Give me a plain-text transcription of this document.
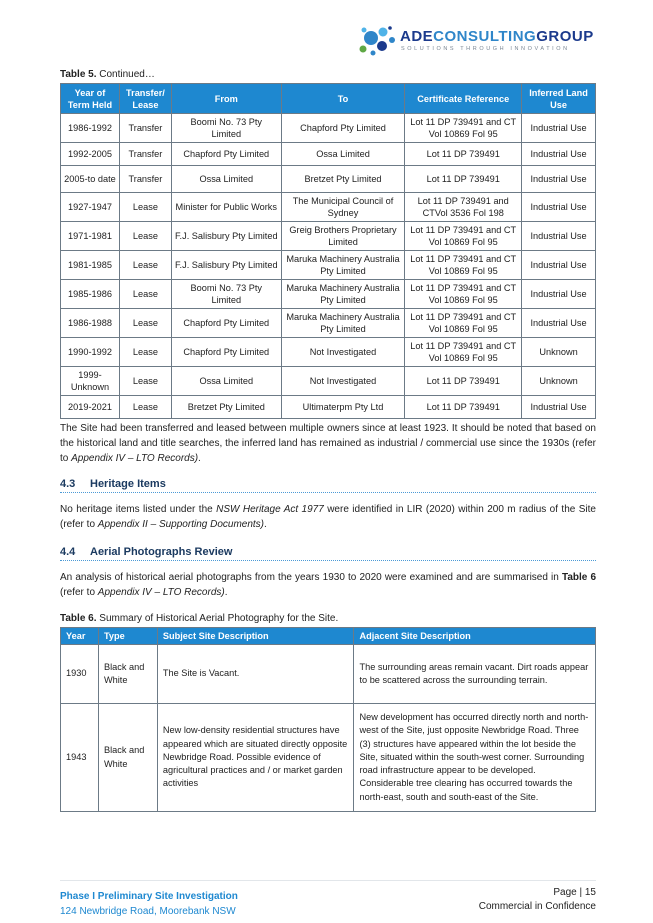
ADECONSULTINGGROUP
SOLUTIONS THROUGH INNOVATION
Table 5. Continued…
Year of Term Held	Transfer/ Lease	From	To	Certificate Reference	Inferred Land Use
1986-1992	Transfer	Boomi No. 73 Pty Limited	Chapford Pty Limited	Lot 11 DP 739491 and CT Vol 10869 Fol 95	Industrial Use
1992-2005	Transfer	Chapford Pty Limited	Ossa Limited	Lot 11 DP 739491	Industrial Use
2005-to date	Transfer	Ossa Limited	Bretzet Pty Limited	Lot 11 DP 739491	Industrial Use
1927-1947	Lease	Minister for Public Works	The Municipal Council of Sydney	Lot 11 DP 739491 and CTVol 3536 Fol 198	Industrial Use
1971-1981	Lease	F.J. Salisbury Pty Limited	Greig Brothers Proprietary Limited	Lot 11 DP 739491 and CT Vol 10869 Fol 95	Industrial Use
1981-1985	Lease	F.J. Salisbury Pty Limited	Maruka Machinery Australia Pty Limited	Lot 11 DP 739491 and CT Vol 10869 Fol 95	Industrial Use
1985-1986	Lease	Boomi No. 73 Pty Limited	Maruka Machinery Australia Pty Limited	Lot 11 DP 739491 and CT Vol 10869 Fol 95	Industrial Use
1986-1988	Lease	Chapford Pty Limited	Maruka Machinery Australia Pty Limited	Lot 11 DP 739491 and CT Vol 10869 Fol 95	Industrial Use
1990-1992	Lease	Chapford Pty Limited	Not Investigated	Lot 11 DP 739491 and CT Vol 10869 Fol 95	Unknown
1999-Unknown	Lease	Ossa Limited	Not Investigated	Lot 11 DP 739491	Unknown
2019-2021	Lease	Bretzet Pty Limited	Ultimaterpm Pty Ltd	Lot 11 DP 739491	Industrial Use
The Site had been transferred and leased between multiple owners since at least 1923. It should be noted that based on the historical land and title searches, the inferred land has remained as industrial / commercial use since the 1930s (refer to Appendix IV – LTO Records).
4.3 Heritage Items
No heritage items listed under the NSW Heritage Act 1977 were identified in LIR (2020) within 200 m radius of the Site (refer to Appendix II – Supporting Documents).
4.4 Aerial Photographs Review
An analysis of historical aerial photographs from the years 1930 to 2020 were examined and are summarised in Table 6 (refer to Appendix IV – LTO Records).
Table 6. Summary of Historical Aerial Photography for the Site.
Year	Type	Subject Site Description	Adjacent Site Description
1930	Black and White	The Site is Vacant.	The surrounding areas remain vacant. Dirt roads appear to be scattered across the surrounding terrain.
1943	Black and White	New low-density residential structures have appeared which are situated directly opposite Newbridge Road. Possible evidence of agricultural practices and / or market garden activities	New development has occurred directly north and north-west of the Site, just opposite Newbridge Road. Three (3) structures have appeared within the lot beside the Site, situated within the south-west corner. Surrounding road infrastructure appear to be developed. Considerable tree clearing has occurred towards the north-east, south and south-east of the Site.
Phase I Preliminary Site Investigation
124 Newbridge Road, Moorebank NSW
Page | 15
Commercial in Confidence
